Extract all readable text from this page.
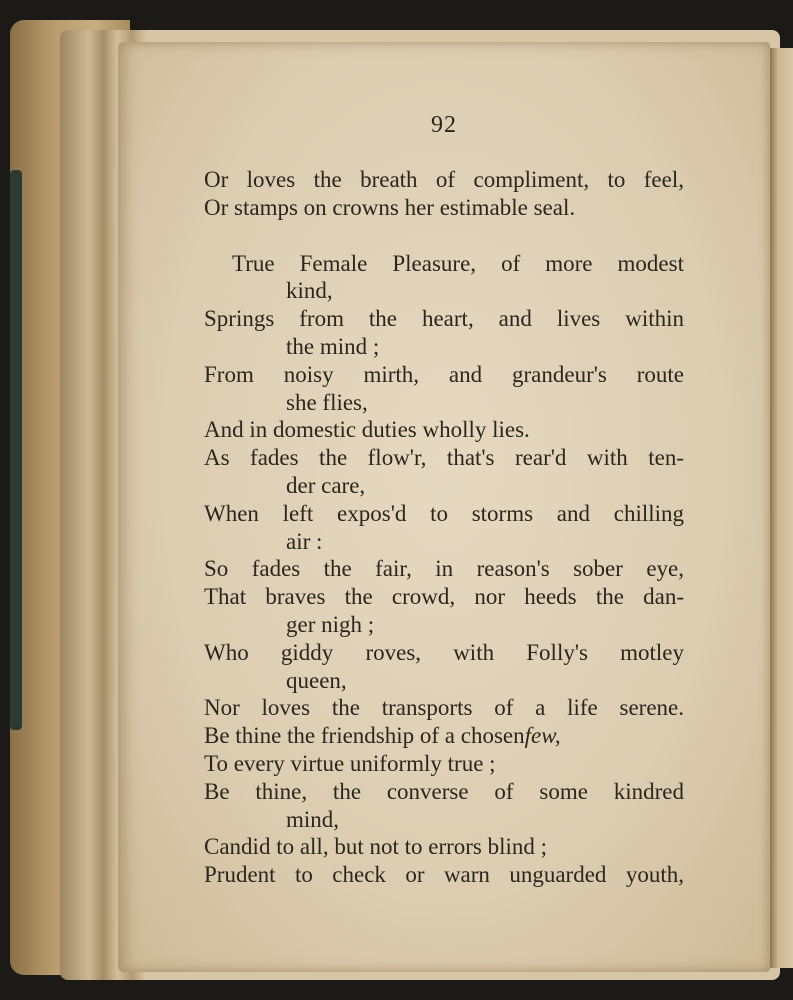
92
Or loves the breath of compliment, to feel,
Or stamps on crowns her estimable seal.
True Female Pleasure, of more modest
kind,
Springs from the heart, and lives within
the mind ;
From noisy mirth, and grandeur's route
she flies,
And in domestic duties wholly lies.
As fades the flow'r, that's rear'd with ten-
der care,
When left expos'd to storms and chilling
air :
So fades the fair, in reason's sober eye,
That braves the crowd, nor heeds the dan-
ger nigh ;
Who giddy roves, with Folly's motley
queen,
Nor loves the transports of a life serene.
Be thine the friendship of a chosenfew,
To every virtue uniformly true ;
Be thine, the converse of some kindred
mind,
Candid to all, but not to errors blind ;
Prudent to check or warn unguarded youth,
